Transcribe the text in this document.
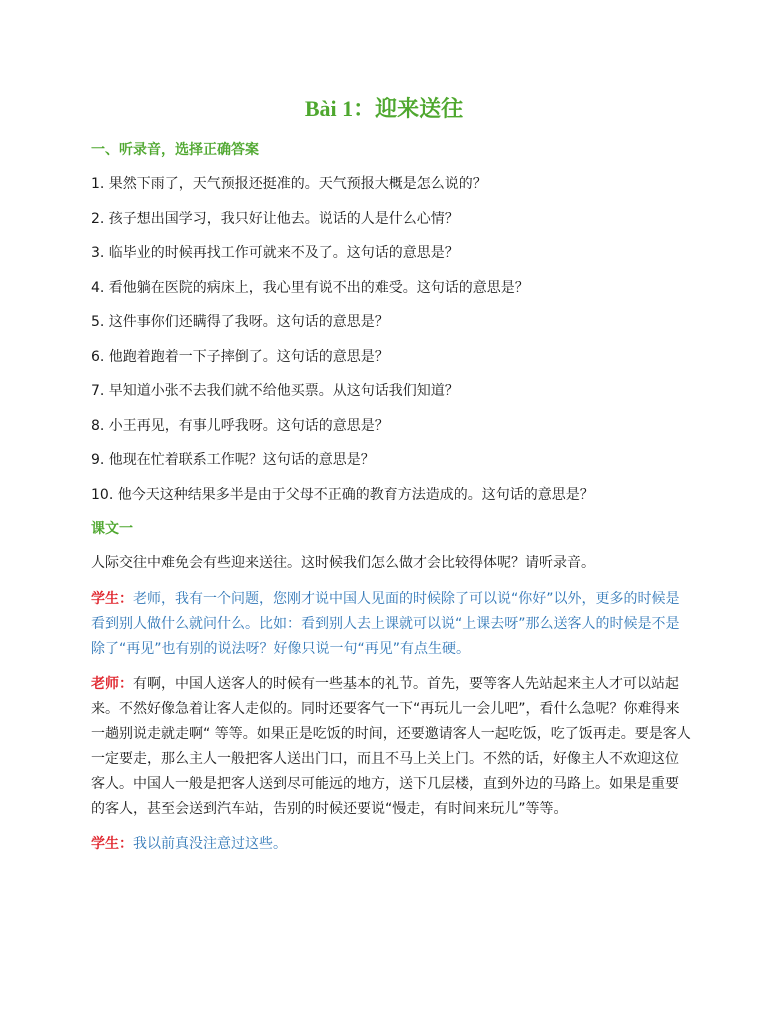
Bài 1：迎来送往
一、听录音，选择正确答案
1. 果然下雨了，天气预报还挺准的。天气预报大概是怎么说的？
2. 孩子想出国学习，我只好让他去。说话的人是什么心情？
3. 临毕业的时候再找工作可就来不及了。这句话的意思是？
4. 看他躺在医院的病床上，我心里有说不出的难受。这句话的意思是？
5. 这件事你们还瞒得了我呀。这句话的意思是？
6. 他跑着跑着一下子摔倒了。这句话的意思是？
7. 早知道小张不去我们就不给他买票。从这句话我们知道？
8. 小王再见，有事儿呼我呀。这句话的意思是？
9. 他现在忙着联系工作呢？这句话的意思是？
10. 他今天这种结果多半是由于父母不正确的教育方法造成的。这句话的意思是？
课文一
人际交往中难免会有些迎来送往。这时候我们怎么做才会比较得体呢？请听录音。
学生：老师，我有一个问题，您刚才说中国人见面的时候除了可以说“你好”以外，更多的时候是看到别人做什么就问什么。比如：看到别人去上课就可以说“上课去呀”那么送客人的时候是不是除了“再见”也有别的说法呀？好像只说一句“再见”有点生硬。
老师：有啊，中国人送客人的时候有一些基本的礼节。首先，要等客人先站起来主人才可以站起来。不然好像急着让客人走似的。同时还要客气一下“再玩儿一会儿吧”，看什么急呢？你难得来一趟别说走就走啊“ 等等。如果正是吃饭的时间，还要邀请客人一起吃饭，吃了饭再走。要是客人一定要走，那么主人一般把客人送出门口，而且不马上关上门。不然的话，好像主人不欢迎这位客人。中国人一般是把客人送到尽可能远的地方，送下几层楼，直到外边的马路上。如果是重要的客人，甚至会送到汽车站，告别的时候还要说“慢走，有时间来玩儿”等等。
学生：我以前真没注意过这些。
